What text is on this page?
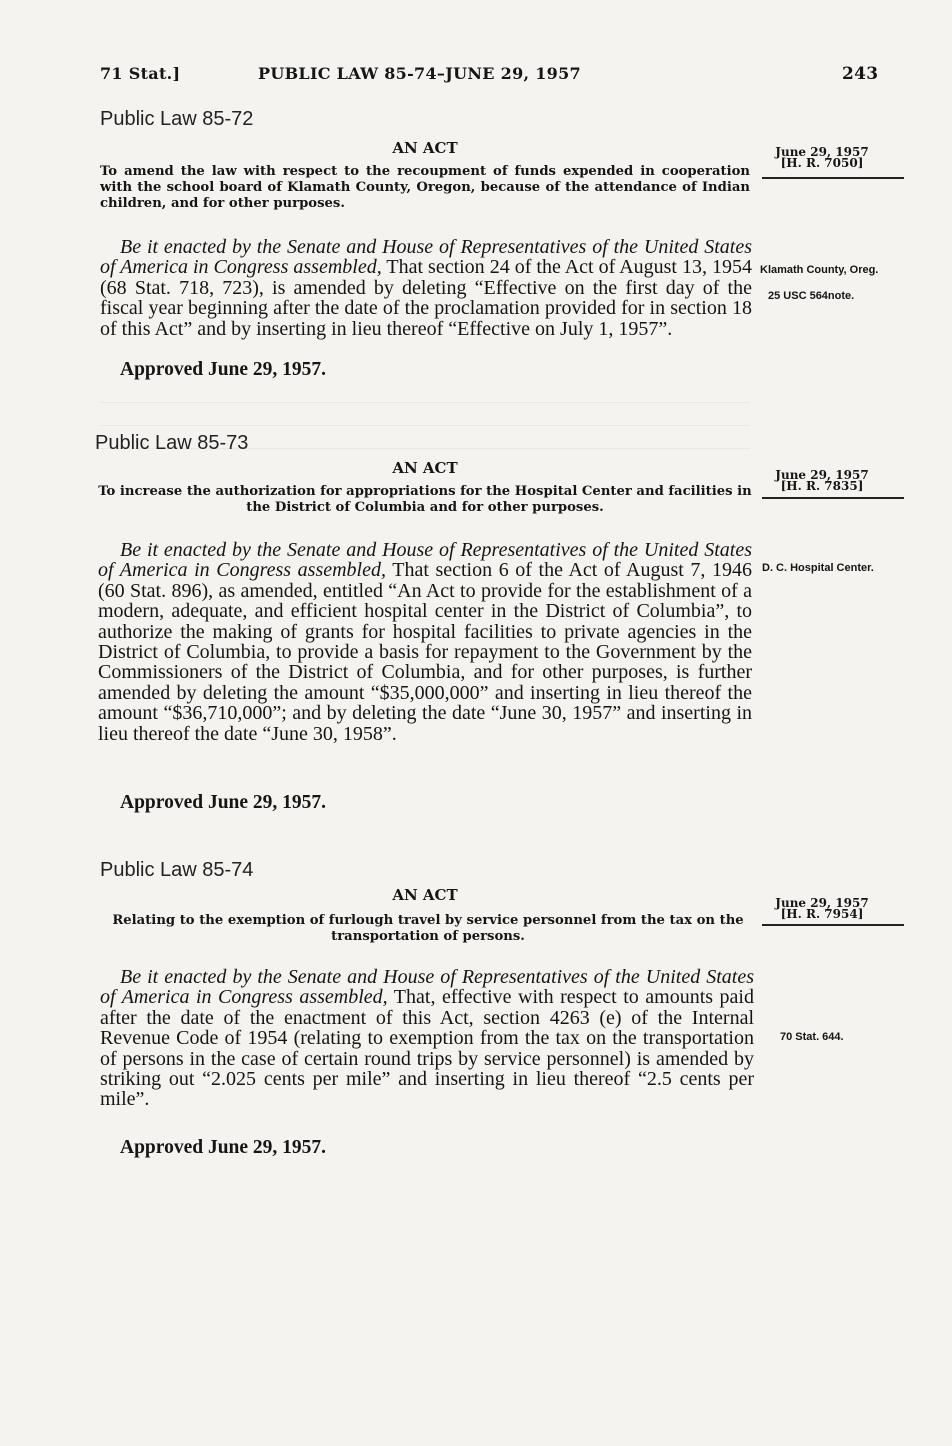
71 Stat.]	PUBLIC LAW 85-74–JUNE 29, 1957	243
Public Law 85-72
AN ACT	June 29, 1957
[H. R. 7050]
To amend the law with respect to the recoupment of funds expended in cooperation with the school board of Klamath County, Oregon, because of the attendance of Indian children, and for other purposes.
Be it enacted by the Senate and House of Representatives of the United States of America in Congress assembled, That section 24 of the Act of August 13, 1954 (68 Stat. 718, 723), is amended by deleting “Effective on the first day of the fiscal year beginning after the date of the proclamation provided for in section 18 of this Act” and by inserting in lieu thereof “Effective on July 1, 1957”.
Approved June 29, 1957.
Klamath County, Oreg.
25 USC 564note.
Public Law 85-73
AN ACT	June 29, 1957
[H. R. 7835]
To increase the authorization for appropriations for the Hospital Center and facilities in the District of Columbia and for other purposes.
Be it enacted by the Senate and House of Representatives of the United States of America in Congress assembled, That section 6 of the Act of August 7, 1946 (60 Stat. 896), as amended, entitled “An Act to provide for the establishment of a modern, adequate, and efficient hospital center in the District of Columbia”, to authorize the making of grants for hospital facilities to private agencies in the District of Columbia, to provide a basis for repayment to the Government by the Commissioners of the District of Columbia, and for other purposes, is further amended by deleting the amount “$35,000,000” and inserting in lieu thereof the amount “$36,710,000”; and by deleting the date “June 30, 1957” and inserting in lieu thereof the date “June 30, 1958”.
Approved June 29, 1957.
D. C. Hospital Center.
Public Law 85-74
AN ACT	June 29, 1957
[H. R. 7954]
Relating to the exemption of furlough travel by service personnel from the tax on the transportation of persons.
Be it enacted by the Senate and House of Representatives of the United States of America in Congress assembled, That, effective with respect to amounts paid after the date of the enactment of this Act, section 4263 (e) of the Internal Revenue Code of 1954 (relating to exemption from the tax on the transportation of persons in the case of certain round trips by service personnel) is amended by striking out “2.025 cents per mile” and inserting in lieu thereof “2.5 cents per mile”.
Approved June 29, 1957.
70 Stat. 644.
